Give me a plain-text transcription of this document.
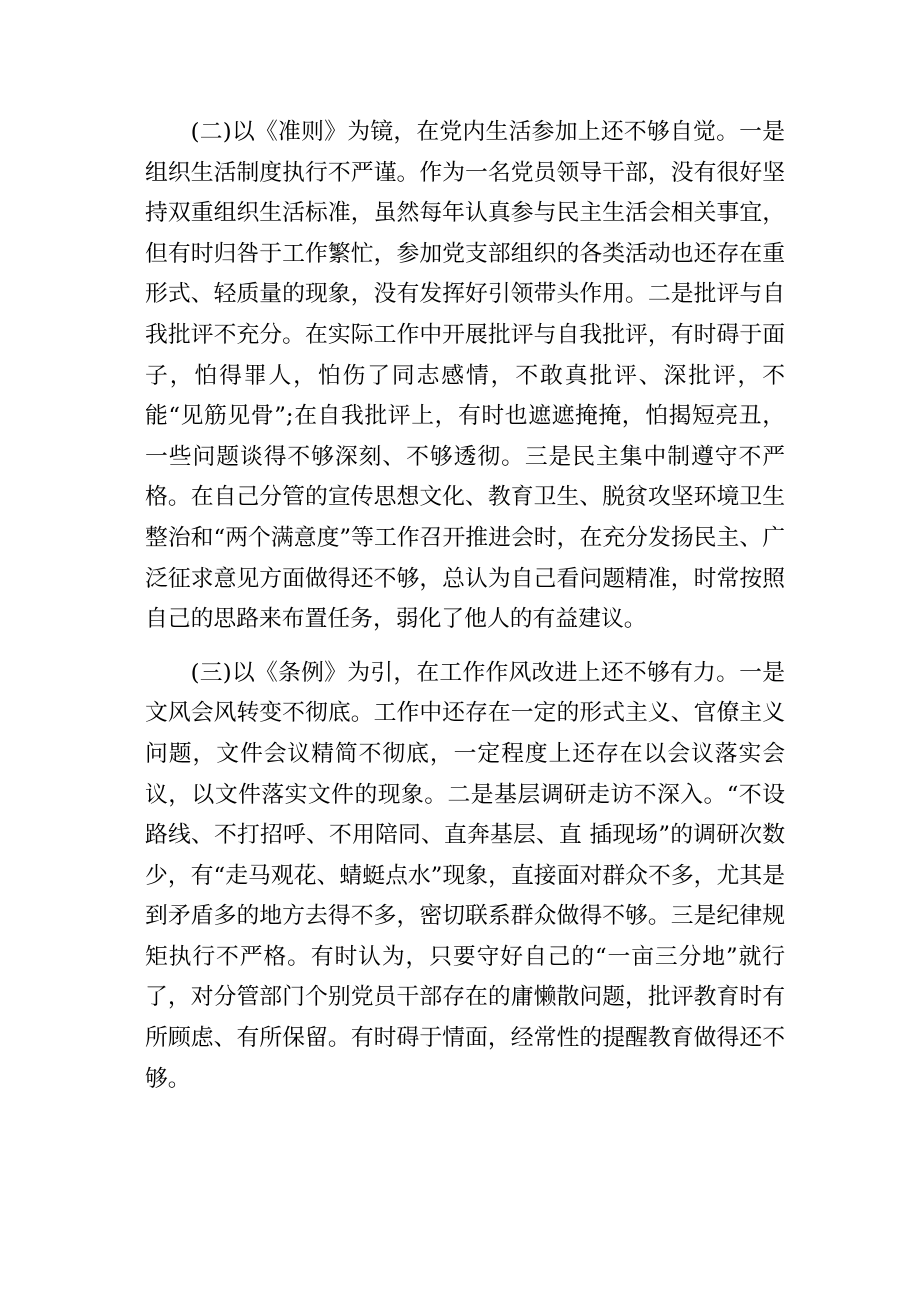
(二)以《准则》为镜，在党内生活参加上还不够自觉。一是组织生活制度执行不严谨。作为一名党员领导干部，没有很好坚持双重组织生活标准，虽然每年认真参与民主生活会相关事宜，但有时归咎于工作繁忙，参加党支部组织的各类活动也还存在重形式、轻质量的现象，没有发挥好引领带头作用。二是批评与自我批评不充分。在实际工作中开展批评与自我批评，有时碍于面子，怕得罪人，怕伤了同志感情，不敢真批评、深批评，不能“见筋见骨”;在自我批评上，有时也遮遮掩掩，怕揭短亮丑，一些问题谈得不够深刻、不够透彻。三是民主集中制遵守不严格。在自己分管的宣传思想文化、教育卫生、脱贫攻坚环境卫生整治和“两个满意度”等工作召开推进会时，在充分发扬民主、广泛征求意见方面做得还不够，总认为自己看问题精准，时常按照自己的思路来布置任务，弱化了他人的有益建议。

(三)以《条例》为引，在工作作风改进上还不够有力。一是文风会风转变不彻底。工作中还存在一定的形式主义、官僚主义问题，文件会议精简不彻底，一定程度上还存在以会议落实会议，以文件落实文件的现象。二是基层调研走访不深入。“不设路线、不打招呼、不用陪同、直奔基层、直 插现场”的调研次数少，有“走马观花、蜻蜓点水”现象，直接面对群众不多，尤其是到矛盾多的地方去得不多，密切联系群众做得不够。三是纪律规矩执行不严格。有时认为，只要守好自己的“一亩三分地”就行了，对分管部门个别党员干部存在的庸懒散问题，批评教育时有所顾虑、有所保留。有时碍于情面，经常性的提醒教育做得还不够。
